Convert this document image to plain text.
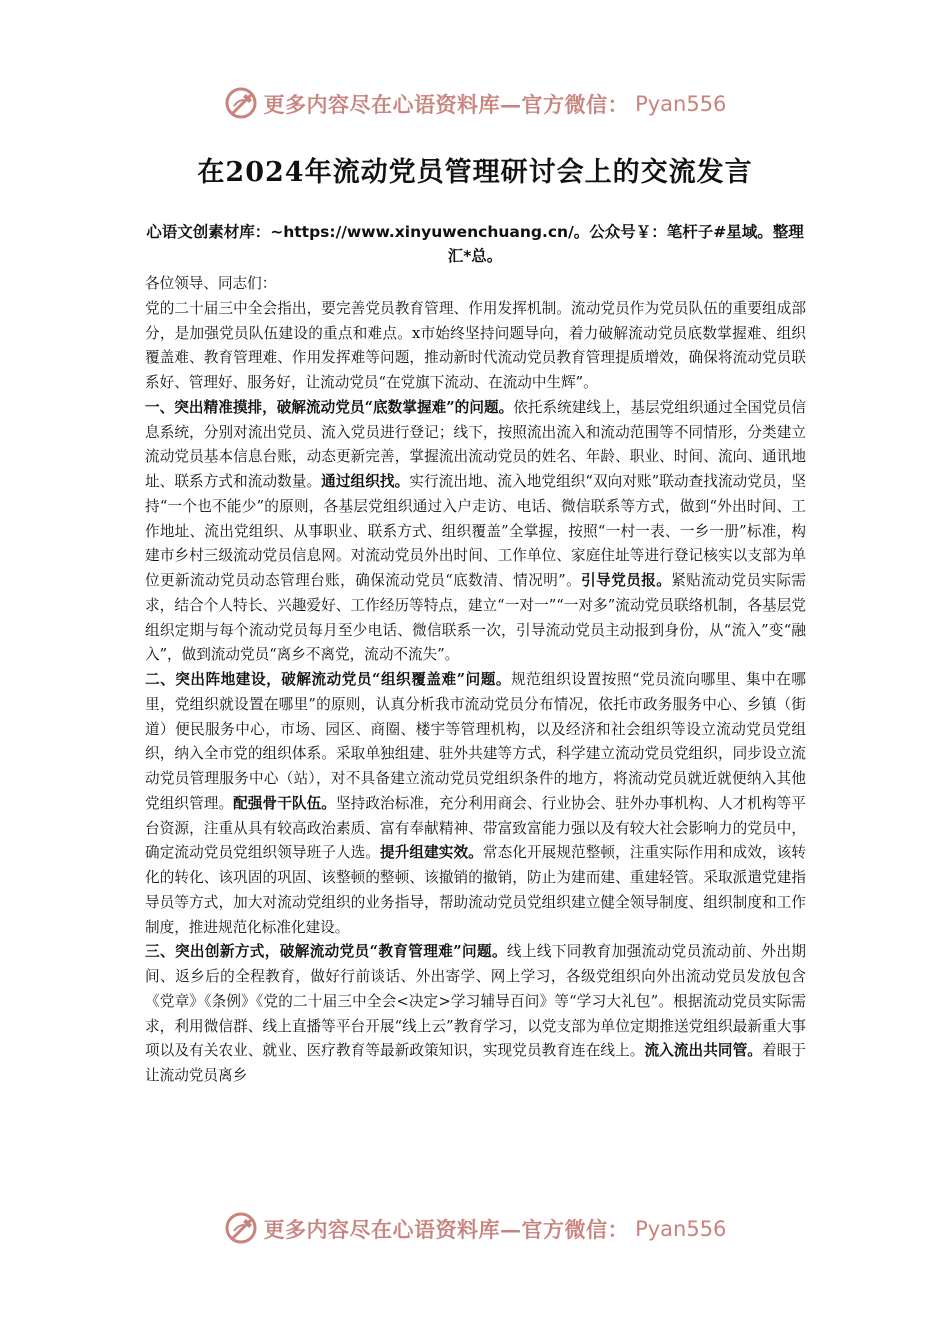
更多内容尽在心语资料库—官方微信： Pyan556
在2024年流动党员管理研讨会上的交流发言
心语文创素材库：~https://www.xinyuwenchuang.cn/。公众号￥：笔杆子#星域。整理汇*总。

各位领导、同志们：

党的二十届三中全会指出，要完善党员教育管理、作用发挥机制。流动党员作为党员队伍的重要组成部分，是加强党员队伍建设的重点和难点。x市始终坚持问题导向，着力破解流动党员底数掌握难、组织覆盖难、教育管理难、作用发挥难等问题，推动新时代流动党员教育管理提质增效，确保将流动党员联系好、管理好、服务好，让流动党员“在党旗下流动、在流动中生辉”。

一、突出精准摸排，破解流动党员“底数掌握难”的问题。依托系统建线上，基层党组织通过全国党员信息系统，分别对流出党员、流入党员进行登记；线下，按照流出流入和流动范围等不同情形，分类建立流动党员基本信息台账，动态更新完善，掌握流出流动党员的姓名、年龄、职业、时间、流向、通讯地址、联系方式和流动数量。通过组织找。实行流出地、流入地党组织“双向对账”联动查找流动党员，坚持“一个也不能少”的原则，各基层党组织通过入户走访、电话、微信联系等方式，做到“外出时间、工作地址、流出党组织、从事职业、联系方式、组织覆盖”全掌握，按照“一村一表、一乡一册”标准，构建市乡村三级流动党员信息网。对流动党员外出时间、工作单位、家庭住址等进行登记核实以支部为单位更新流动党员动态管理台账，确保流动党员“底数清、情况明”。引导党员报。紧贴流动党员实际需求，结合个人特长、兴趣爱好、工作经历等特点，建立“一对一”“一对多”流动党员联络机制，各基层党组织定期与每个流动党员每月至少电话、微信联系一次，引导流动党员主动报到身份，从“流入”变“融入”，做到流动党员“离乡不离党，流动不流失”。

二、突出阵地建设，破解流动党员“组织覆盖难”问题。规范组织设置按照“党员流向哪里、集中在哪里，党组织就设置在哪里”的原则，认真分析我市流动党员分布情况，依托市政务服务中心、乡镇（街道）便民服务中心，市场、园区、商圈、楼宇等管理机构，以及经济和社会组织等设立流动党员党组织，纳入全市党的组织体系。采取单独组建、驻外共建等方式，科学建立流动党员党组织，同步设立流动党员管理服务中心（站），对不具备建立流动党员党组织条件的地方，将流动党员就近就便纳入其他党组织管理。配强骨干队伍。坚持政治标准，充分利用商会、行业协会、驻外办事机构、人才机构等平台资源，注重从具有较高政治素质、富有奉献精神、带富致富能力强以及有较大社会影响力的党员中，确定流动党员党组织领导班子人选。提升组建实效。常态化开展规范整顿，注重实际作用和成效，该转化的转化、该巩固的巩固、该整顿的整顿、该撤销的撤销，防止为建而建、重建轻管。采取派遣党建指导员等方式，加大对流动党组织的业务指导，帮助流动党员党组织建立健全领导制度、组织制度和工作制度，推进规范化标准化建设。

三、突出创新方式，破解流动党员“教育管理难”问题。线上线下同教育加强流动党员流动前、外出期间、返乡后的全程教育，做好行前谈话、外出寄学、网上学习，各级党组织向外出流动党员发放包含《党章》《条例》《党的二十届三中全会<决定>学习辅导百问》等“学习大礼包”。根据流动党员实际需求，利用微信群、线上直播等平台开展“线上云”教育学习，以党支部为单位定期推送党组织最新重大事项以及有关农业、就业、医疗教育等最新政策知识，实现党员教育连在线上。流入流出共同管。着眼于让流动党员离乡

更多内容尽在心语资料库—官方微信： Pyan556
